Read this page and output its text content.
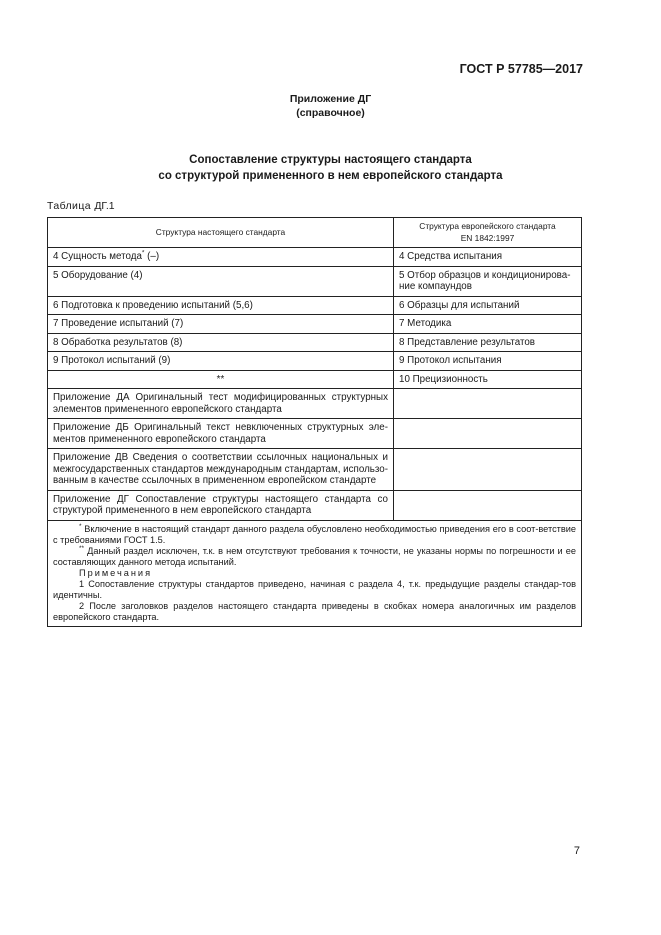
ГОСТ Р 57785—2017
Приложение ДГ
(справочное)
Сопоставление структуры настоящего стандарта
со структурой примененного в нем европейского стандарта
Таблица ДГ.1
Структура настоящего стандарта	Структура европейского стандарта
EN 1842:1997

4 Сущность метода* (–)	4 Средства испытания
5 Оборудование (4)	5 Отбор образцов и кондиционирова-ние компаундов
6 Подготовка к проведению испытаний (5,6)	6 Образцы для испытаний
7 Проведение испытаний (7)	7 Методика
8 Обработка результатов (8)	8 Представление результатов
9 Протокол испытаний (9)	9 Протокол испытания
**	10 Прецизионность
Приложение ДА Оригинальный тест модифицированных структурных элементов примененного европейского стандарта	
Приложение ДБ Оригинальный текст невключенных структурных эле-ментов примененного европейского стандарта	
Приложение ДВ Сведения о соответствии ссылочных национальных и межгосударственных стандартов международным стандартам, использо-ванным в качестве ссылочных в примененном европейском стандарте	
Приложение ДГ Сопоставление структуры настоящего стандарта со структурой примененного в нем европейского стандарта	

* Включение в настоящий стандарт данного раздела обусловлено необходимостью приведения его в соот-ветствие с требованиями ГОСТ 1.5.

** Данный раздел исключен, т.к. в нем отсутствуют требования к точности, не указаны нормы по погрешности и ее составляющих данного метода испытаний.

Примечания

1 Сопоставление структуры стандартов приведено, начиная с раздела 4, т.к. предыдущие разделы стандар-тов идентичны.

2 После заголовков разделов настоящего стандарта приведены в скобках номера аналогичных им разделов европейского стандарта.	

7
